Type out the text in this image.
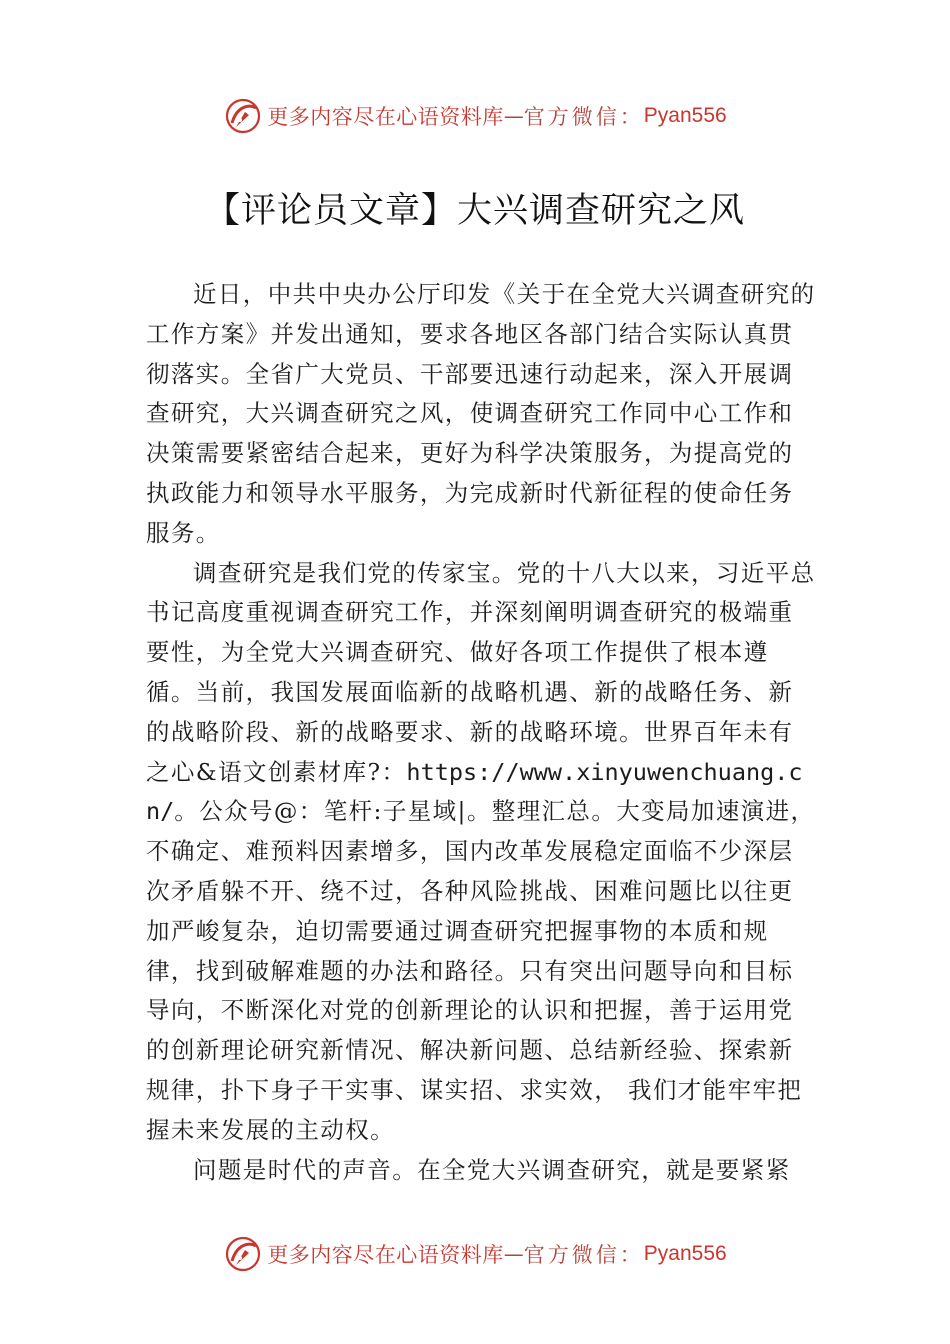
更多内容尽在心语资料库 — 官方微信： Pyan556
【评论员文章】大兴调查研究之风

近日，中共中央办公厅印发《关于在全党大兴调查研究的工作方案》并发出通知，要求各地区各部门结合实际认真贯彻落实。全省广大党员、干部要迅速行动起来，深入开展调查研究，大兴调查研究之风，使调查研究工作同中心工作和决策需要紧密结合起来，更好为科学决策服务，为提高党的执政能力和领导水平服务，为完成新时代新征程的使命任务服务。

调查研究是我们党的传家宝。党的十八大以来，习近平总书记高度重视调查研究工作，并深刻阐明调查研究的极端重要性，为全党大兴调查研究、做好各项工作提供了根本遵循。当前，我国发展面临新的战略机遇、新的战略任务、新的战略阶段、新的战略要求、新的战略环境。世界百年未有之心&语文创素材库?：https://www.xinyuwenchuang.cn/。公众号@：笔杆:子星域|。整理汇总。大变局加速演进，不确定、难预料因素增多，国内改革发展稳定面临不少深层次矛盾躲不开、绕不过，各种风险挑战、困难问题比以往更加严峻复杂，迫切需要通过调查研究把握事物的本质和规律，找到破解难题的办法和路径。只有突出问题导向和目标导向，不断深化对党的创新理论的认识和把握，善于运用党的创新理论研究新情况、解决新问题、总结新经验、探索新规律，扑下身子干实事、谋实招、求实效， 我们才能牢牢把握未来发展的主动权。

问题是时代的声音。在全党大兴调查研究，就是要紧紧

更多内容尽在心语资料库 — 官方微信： Pyan556
